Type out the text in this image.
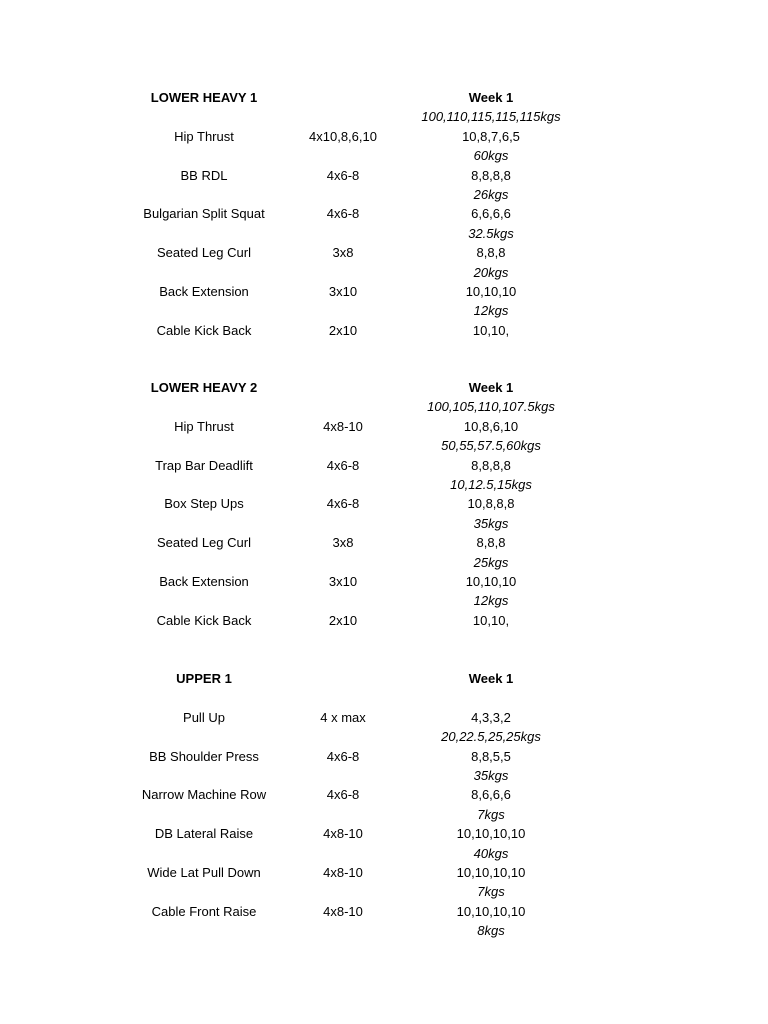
LOWER HEAVY 1	Week 1
100,110,115,115,115kgs
Hip Thrust	4x10,8,6,10	10,8,7,6,5
60kgs
BB RDL	4x6-8	8,8,8,8
26kgs
Bulgarian Split Squat	4x6-8	6,6,6,6
32.5kgs
Seated Leg Curl	3x8	8,8,8
20kgs
Back Extension	3x10	10,10,10
12kgs
Cable Kick Back	2x10	10,10,
LOWER HEAVY 2	Week 1
100,105,110,107.5kgs
Hip Thrust	4x8-10	10,8,6,10
50,55,57.5,60kgs
Trap Bar Deadlift	4x6-8	8,8,8,8
10,12.5,15kgs
Box Step Ups	4x6-8	10,8,8,8
35kgs
Seated Leg Curl	3x8	8,8,8
25kgs
Back Extension	3x10	10,10,10
12kgs
Cable Kick Back	2x10	10,10,
UPPER 1	Week 1
Pull Up	4 x max	4,3,3,2
20,22.5,25,25kgs
BB Shoulder Press	4x6-8	8,8,5,5
35kgs
Narrow Machine Row	4x6-8	8,6,6,6
7kgs
DB Lateral Raise	4x8-10	10,10,10,10
40kgs
Wide Lat Pull Down	4x8-10	10,10,10,10
7kgs
Cable Front Raise	4x8-10	10,10,10,10
8kgs
